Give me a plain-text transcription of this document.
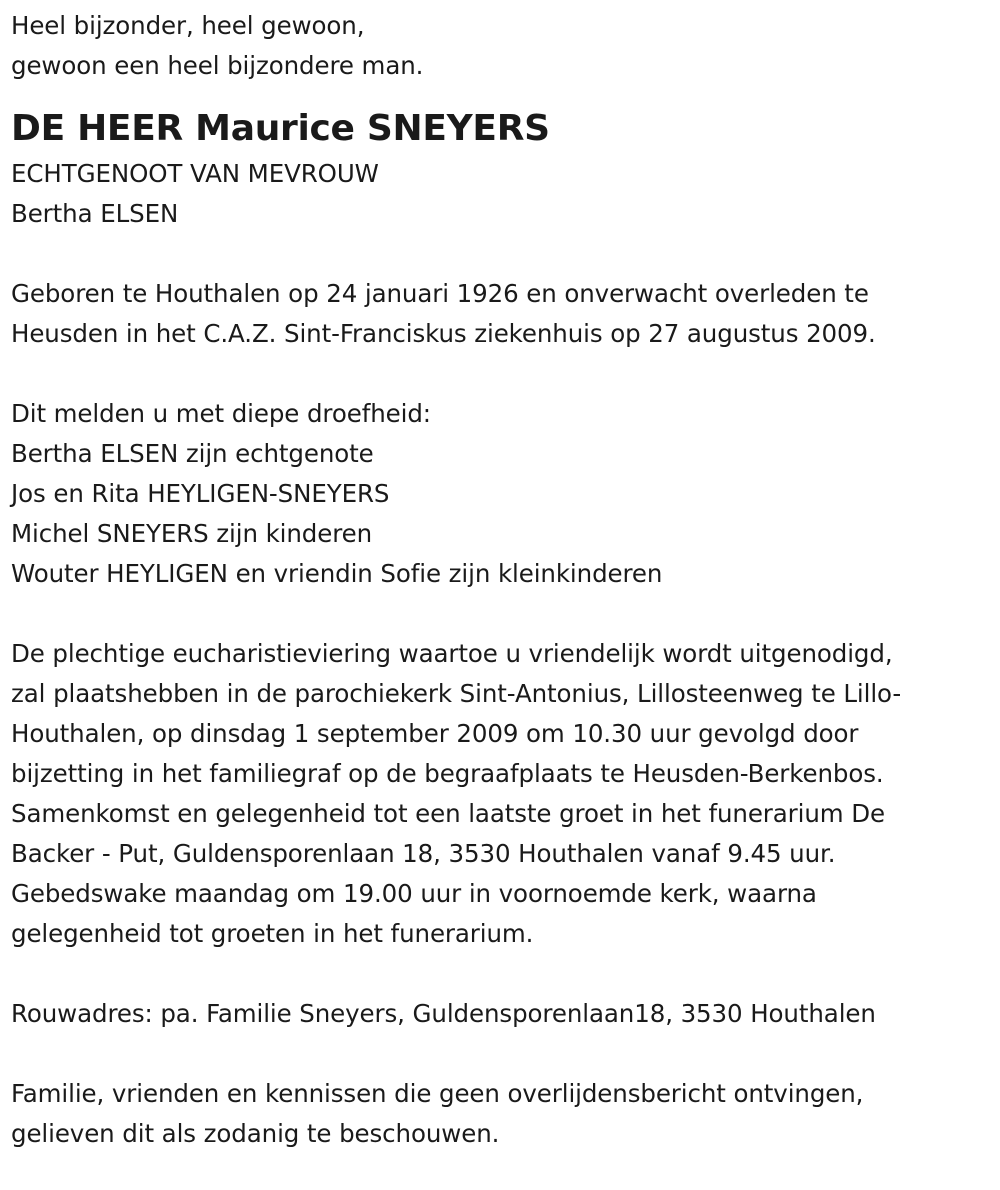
Heel bijzonder, heel gewoon,
gewoon een heel bijzondere man.
DE HEER Maurice SNEYERS
ECHTGENOOT VAN MEVROUW
Bertha ELSEN
Geboren te Houthalen op 24 januari 1926 en onverwacht overleden te
Heusden in het C.A.Z. Sint-Franciskus ziekenhuis op 27 augustus 2009.
Dit melden u met diepe droefheid:
Bertha ELSEN zijn echtgenote
Jos en Rita HEYLIGEN-SNEYERS
Michel SNEYERS zijn kinderen
Wouter HEYLIGEN en vriendin Sofie zijn kleinkinderen
De plechtige eucharistieviering waartoe u vriendelijk wordt uitgenodigd,
zal plaatshebben in de parochiekerk Sint-Antonius, Lillosteenweg te Lillo-
Houthalen, op dinsdag 1 september 2009 om 10.30 uur gevolgd door
bijzetting in het familiegraf op de begraafplaats te Heusden-Berkenbos.
Samenkomst en gelegenheid tot een laatste groet in het funerarium De
Backer - Put, Guldensporenlaan 18, 3530 Houthalen vanaf 9.45 uur.
Gebedswake maandag om 19.00 uur in voornoemde kerk, waarna
gelegenheid tot groeten in het funerarium.
Rouwadres: pa. Familie Sneyers, Guldensporenlaan18, 3530 Houthalen
Familie, vrienden en kennissen die geen overlijdensbericht ontvingen,
gelieven dit als zodanig te beschouwen.
